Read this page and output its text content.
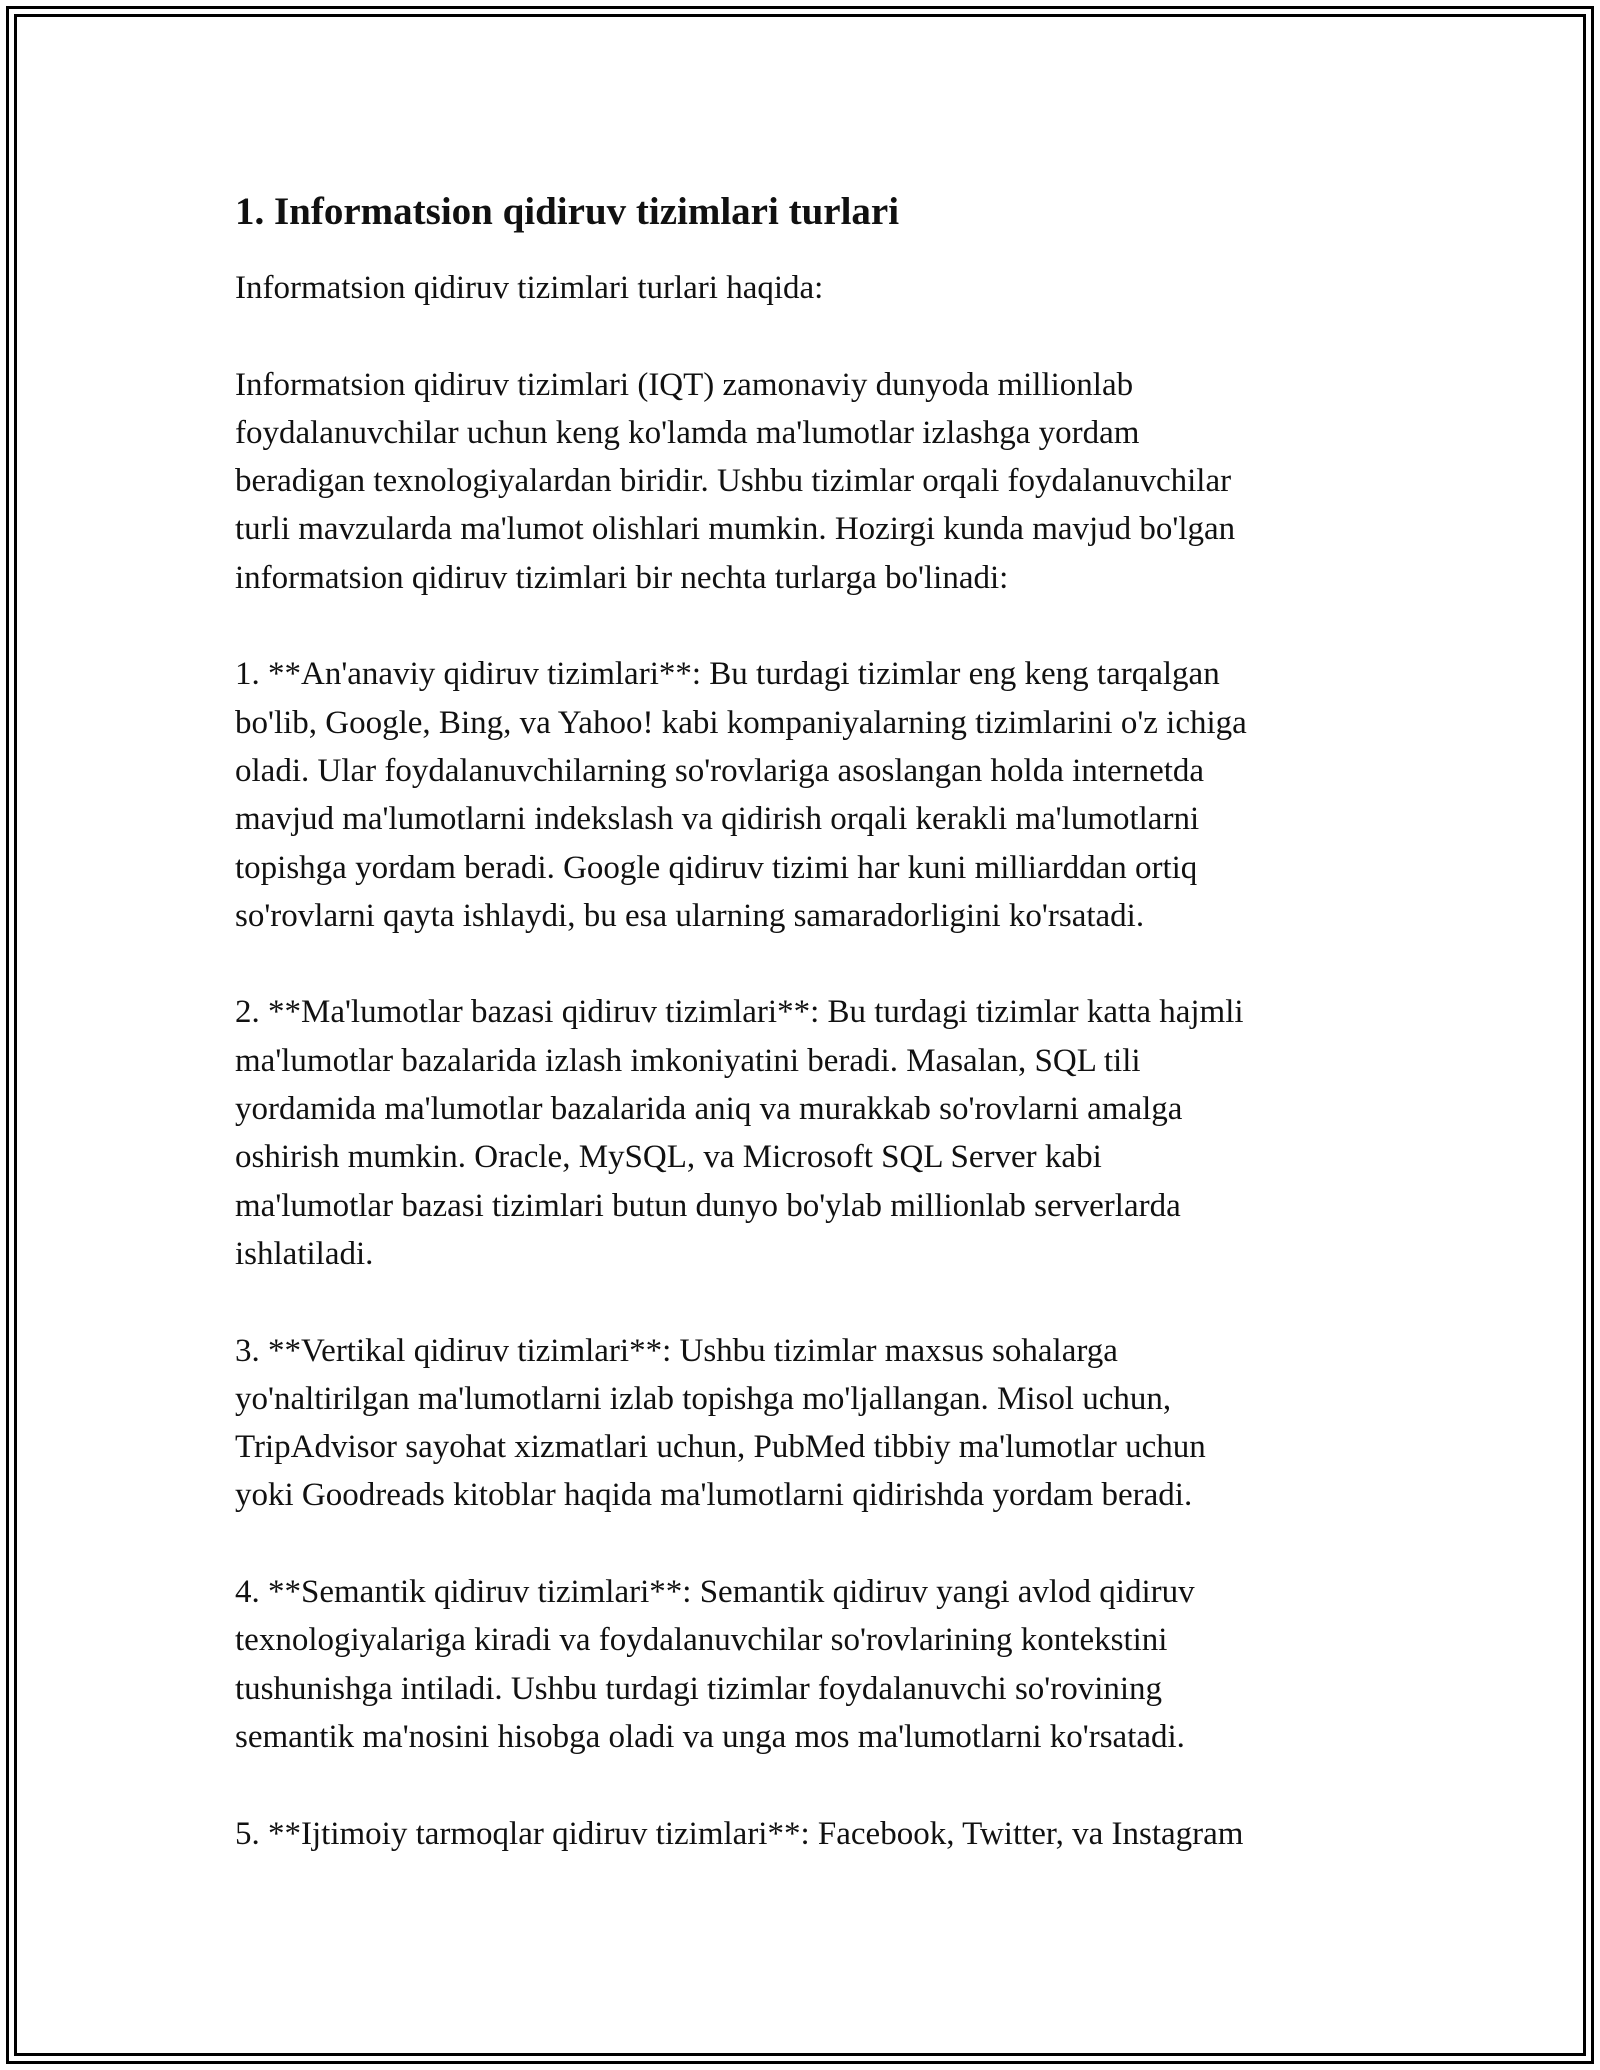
1. Informatsion qidiruv tizimlari turlari
Informatsion qidiruv tizimlari turlari haqida:
Informatsion qidiruv tizimlari (IQT) zamonaviy dunyoda millionlab
foydalanuvchilar uchun keng ko'lamda ma'lumotlar izlashga yordam
beradigan texnologiyalardan biridir. Ushbu tizimlar orqali foydalanuvchilar
turli mavzularda ma'lumot olishlari mumkin. Hozirgi kunda mavjud bo'lgan
informatsion qidiruv tizimlari bir nechta turlarga bo'linadi:
1. **An'anaviy qidiruv tizimlari**: Bu turdagi tizimlar eng keng tarqalgan
bo'lib, Google, Bing, va Yahoo! kabi kompaniyalarning tizimlarini o'z ichiga
oladi. Ular foydalanuvchilarning so'rovlariga asoslangan holda internetda
mavjud ma'lumotlarni indekslash va qidirish orqali kerakli ma'lumotlarni
topishga yordam beradi. Google qidiruv tizimi har kuni milliarddan ortiq
so'rovlarni qayta ishlaydi, bu esa ularning samaradorligini ko'rsatadi.
2. **Ma'lumotlar bazasi qidiruv tizimlari**: Bu turdagi tizimlar katta hajmli
ma'lumotlar bazalarida izlash imkoniyatini beradi. Masalan, SQL tili
yordamida ma'lumotlar bazalarida aniq va murakkab so'rovlarni amalga
oshirish mumkin. Oracle, MySQL, va Microsoft SQL Server kabi
ma'lumotlar bazasi tizimlari butun dunyo bo'ylab millionlab serverlarda
ishlatiladi.
3. **Vertikal qidiruv tizimlari**: Ushbu tizimlar maxsus sohalarga
yo'naltirilgan ma'lumotlarni izlab topishga mo'ljallangan. Misol uchun,
TripAdvisor sayohat xizmatlari uchun, PubMed tibbiy ma'lumotlar uchun
yoki Goodreads kitoblar haqida ma'lumotlarni qidirishda yordam beradi.
4. **Semantik qidiruv tizimlari**: Semantik qidiruv yangi avlod qidiruv
texnologiyalariga kiradi va foydalanuvchilar so'rovlarining kontekstini
tushunishga intiladi. Ushbu turdagi tizimlar foydalanuvchi so'rovining
semantik ma'nosini hisobga oladi va unga mos ma'lumotlarni ko'rsatadi.
5. **Ijtimoiy tarmoqlar qidiruv tizimlari**: Facebook, Twitter, va Instagram
